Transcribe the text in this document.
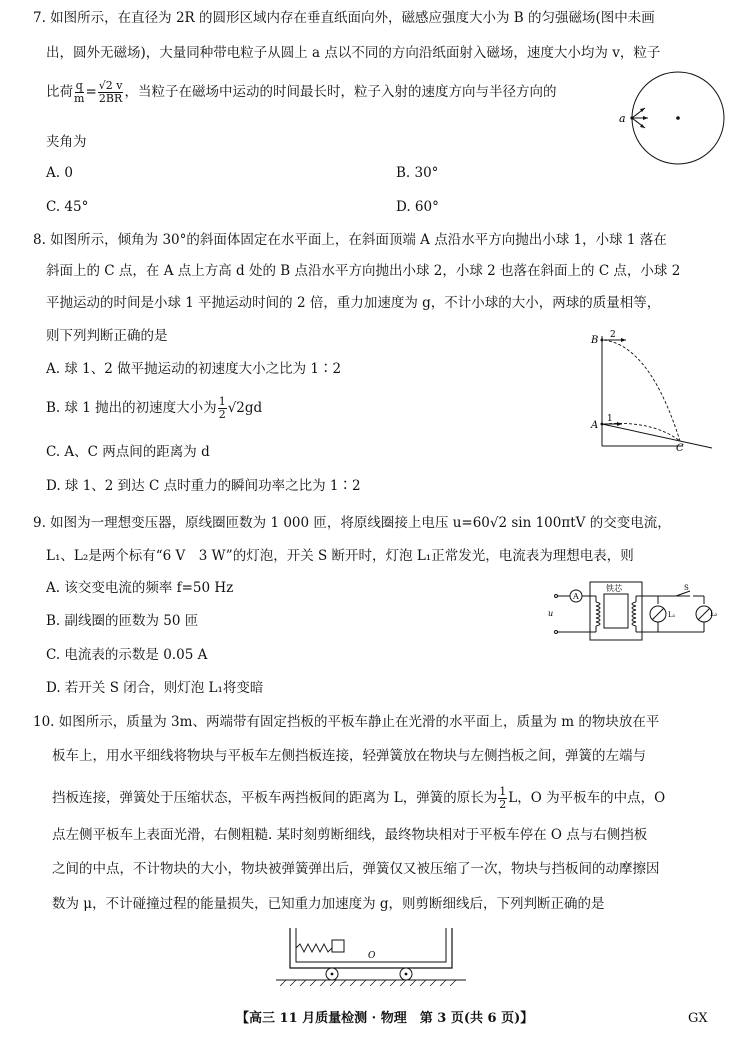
7. 如图所示，在直径为 2R 的圆形区域内存在垂直纸面向外，磁感应强度大小为 B 的匀强磁场(图中未画
出，圆外无磁场)，大量同种带电粒子从圆上 a 点以不同的方向沿纸面射入磁场，速度大小均为 v，粒子
比荷 $\frac{q}{m} = \frac{√2 v}{2BR}$ ，当粒子在磁场中运动的时间最长时，粒子入射的速度方向与半径方向的
夹角为
A. 0	B. 30°
C. 45°	D. 60°
a
8. 如图所示，倾角为 30°的斜面体固定在水平面上，在斜面顶端 A 点沿水平方向抛出小球 1，小球 1 落在
斜面上的 C 点，在 A 点上方高 d 处的 B 点沿水平方向抛出小球 2，小球 2 也落在斜面上的 C 点，小球 2
平抛运动的时间是小球 1 平抛运动时间的 2 倍，重力加速度为 g，不计小球的大小，两球的质量相等，
则下列判断正确的是
A. 球 1、2 做平抛运动的初速度大小之比为 1∶2
B. 球 1 抛出的初速度大小为 $\frac{1}{2} √2gd$
C. A、C 两点间的距离为 d
D. 球 1、2 到达 C 点时重力的瞬间功率之比为 1∶2
B 2
1
A
C
9. 如图为一理想变压器，原线圈匝数为 1 000 匝，将原线圈接上电压 u=60√2 sin 100πtV 的交变电流，
L₁、L₂是两个标有“6 V　3 W”的灯泡，开关 S 断开时，灯泡 L₁正常发光，电流表为理想电表，则
A. 该交变电流的频率 f=50 Hz
B. 副线圈的匝数为 50 匝
C. 电流表的示数是 0.05 A
D. 若开关 S 闭合，则灯泡 L₁将变暗
u
A
铁芯
L₁
S
L₂
10. 如图所示，质量为 3m、两端带有固定挡板的平板车静止在光滑的水平面上，质量为 m 的物块放在平
板车上，用水平细线将物块与平板车左侧挡板连接，轻弹簧放在物块与左侧挡板之间，弹簧的左端与
挡板连接，弹簧处于压缩状态，平板车两挡板间的距离为 L，弹簧的原长为 $\frac{1}{2}$ L，O 为平板车的中点，O
点左侧平板车上表面光滑，右侧粗糙. 某时刻剪断细线，最终物块相对于平板车停在 O 点与右侧挡板
之间的中点，不计物块的大小，物块被弹簧弹出后，弹簧仅又被压缩了一次，物块与挡板间的动摩擦因
数为 μ，不计碰撞过程的能量损失，已知重力加速度为 g，则剪断细线后，下列判断正确的是
O
【高三 11 月质量检测 · 物理　第 3 页(共 6 页)】	GX
